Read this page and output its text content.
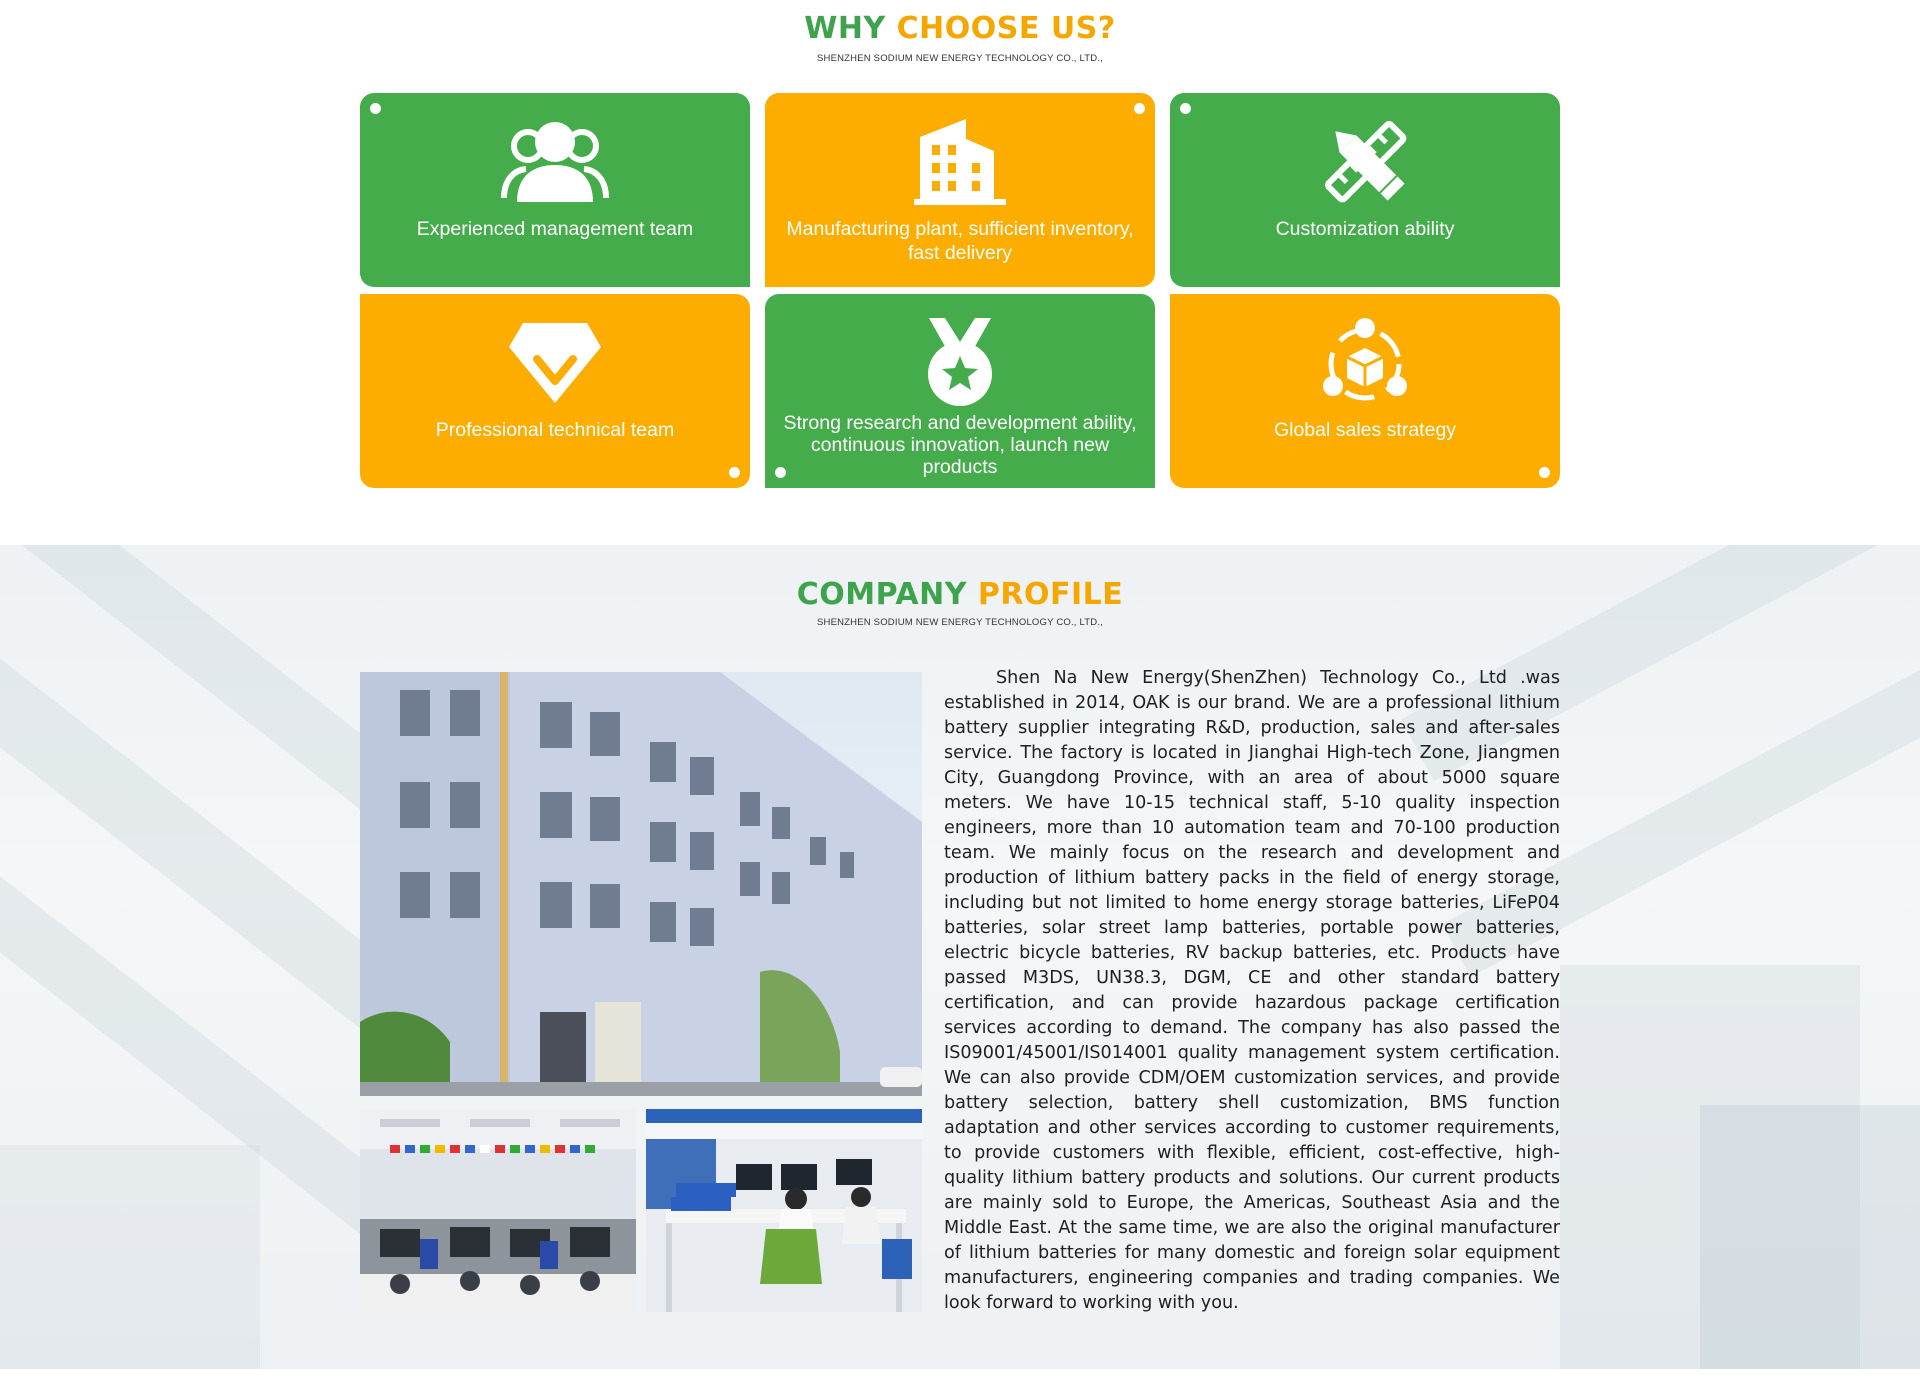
WHY CHOOSE US?
SHENZHEN SODIUM NEW ENERGY TECHNOLOGY CO., LTD.,
Experienced management team	Manufacturing plant, sufficient inventory, fast delivery
Customization ability
Professional technical team	Strong research and development ability, continuous innovation, launch new products
Global sales strategy
COMPANY PROFILE
SHENZHEN SODIUM NEW ENERGY TECHNOLOGY CO., LTD.,

Shen Na New Energy(ShenZhen) Technology Co., Ltd .was established in 2014, OAK is our brand. We are a professional lithium battery supplier integrating R&D, production, sales and after-sales service. The factory is located in Jianghai High-tech Zone, Jiangmen City, Guangdong Province, with an area of about 5000 square meters. We have 10-15 technical staff, 5-10 quality inspection engineers, more than 10 automation team and 70-100 production team. We mainly focus on the research and development and production of lithium battery packs in the field of energy storage, including but not limited to home energy storage batteries, LiFeP04 batteries, solar street lamp batteries, portable power batteries, electric bicycle batteries, RV backup batteries, etc. Products have passed M3DS, UN38.3, DGM, CE and other standard battery certification, and can provide hazardous package certification services according to demand. The company has also passed the IS09001/45001/IS014001 quality management system certification. We can also provide CDM/OEM customization services, and provide battery selection, battery shell customization, BMS function adaptation and other services according to customer requirements, to provide customers with flexible, efficient, cost-effective, high-quality lithium battery products and solutions. Our current products are mainly sold to Europe, the Americas, Southeast Asia and the Middle East. At the same time, we are also the original manufacturer of lithium batteries for many domestic and foreign solar equipment manufacturers, engineering companies and trading companies. We look forward to working with you.
